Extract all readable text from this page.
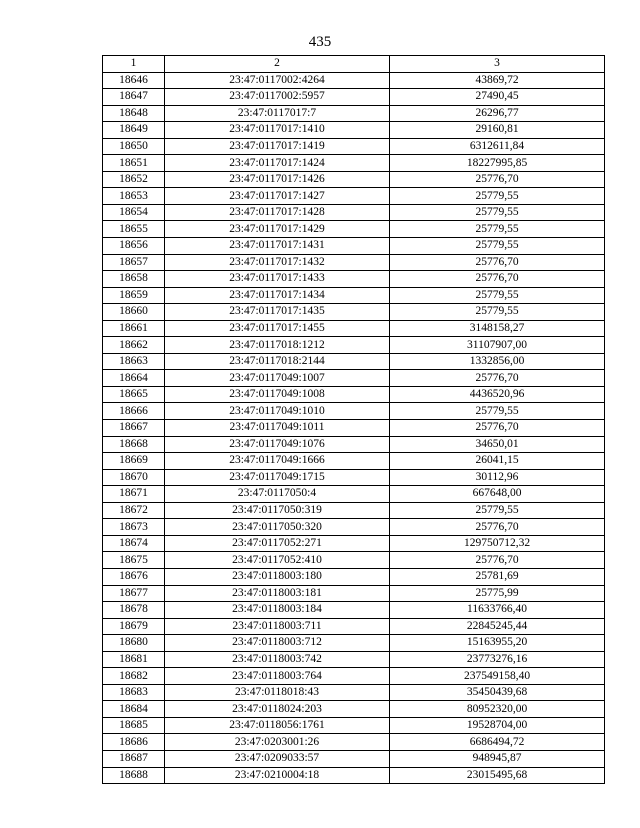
435
1	2	3
18646	23:47:0117002:4264	43869,72
18647	23:47:0117002:5957	27490,45
18648	23:47:0117017:7	26296,77
18649	23:47:0117017:1410	29160,81
18650	23:47:0117017:1419	6312611,84
18651	23:47:0117017:1424	18227995,85
18652	23:47:0117017:1426	25776,70
18653	23:47:0117017:1427	25779,55
18654	23:47:0117017:1428	25779,55
18655	23:47:0117017:1429	25779,55
18656	23:47:0117017:1431	25779,55
18657	23:47:0117017:1432	25776,70
18658	23:47:0117017:1433	25776,70
18659	23:47:0117017:1434	25779,55
18660	23:47:0117017:1435	25779,55
18661	23:47:0117017:1455	3148158,27
18662	23:47:0117018:1212	31107907,00
18663	23:47:0117018:2144	1332856,00
18664	23:47:0117049:1007	25776,70
18665	23:47:0117049:1008	4436520,96
18666	23:47:0117049:1010	25779,55
18667	23:47:0117049:1011	25776,70
18668	23:47:0117049:1076	34650,01
18669	23:47:0117049:1666	26041,15
18670	23:47:0117049:1715	30112,96
18671	23:47:0117050:4	667648,00
18672	23:47:0117050:319	25779,55
18673	23:47:0117050:320	25776,70
18674	23:47:0117052:271	129750712,32
18675	23:47:0117052:410	25776,70
18676	23:47:0118003:180	25781,69
18677	23:47:0118003:181	25775,99
18678	23:47:0118003:184	11633766,40
18679	23:47:0118003:711	22845245,44
18680	23:47:0118003:712	15163955,20
18681	23:47:0118003:742	23773276,16
18682	23:47:0118003:764	237549158,40
18683	23:47:0118018:43	35450439,68
18684	23:47:0118024:203	80952320,00
18685	23:47:0118056:1761	19528704,00
18686	23:47:0203001:26	6686494,72
18687	23:47:0209033:57	948945,87
18688	23:47:0210004:18	23015495,68
